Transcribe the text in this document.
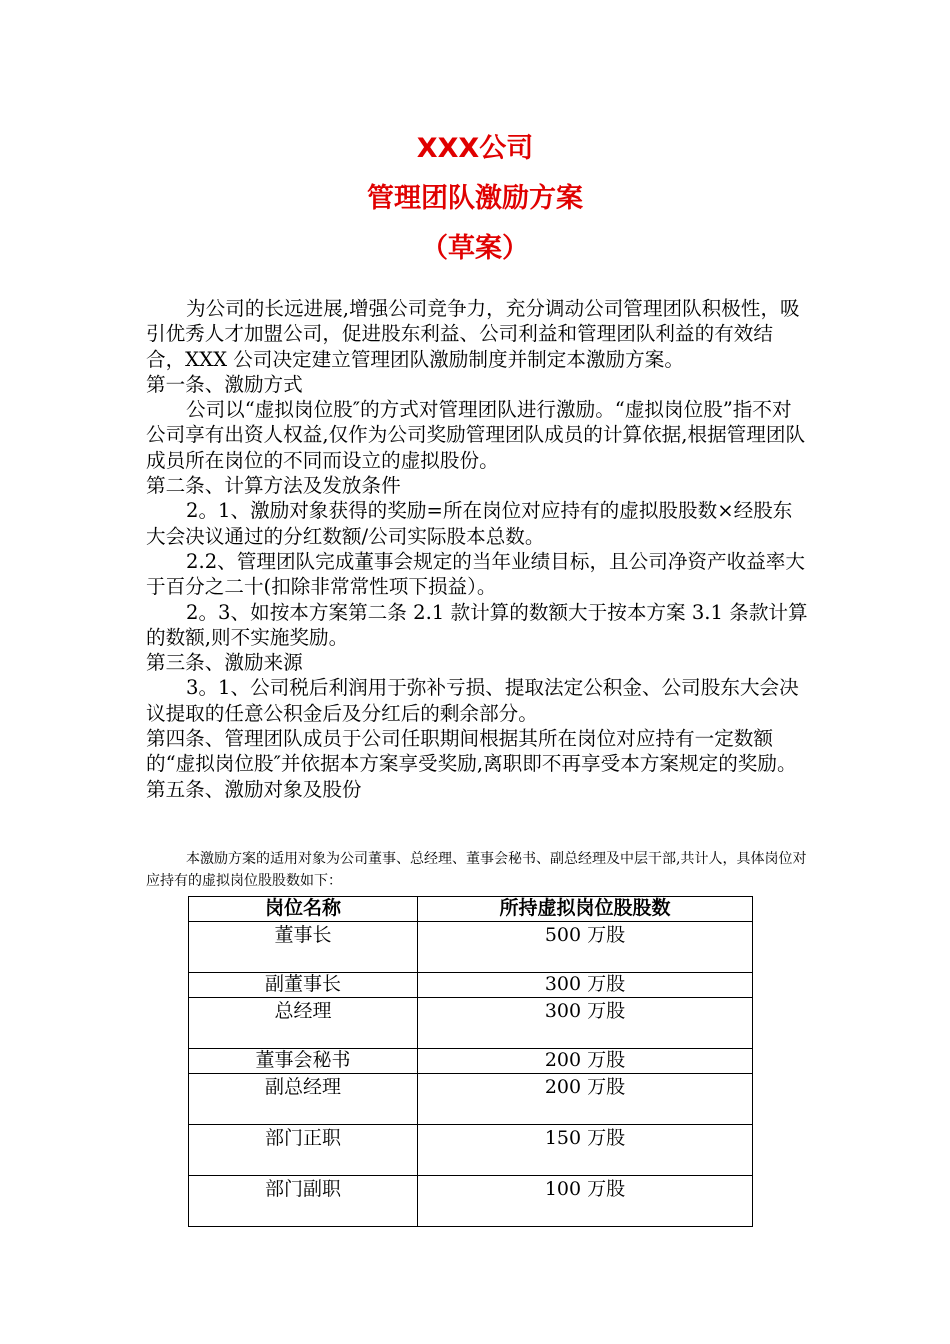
XXX公司
管理团队激励方案
（草案）

为公司的长远进展,增强公司竞争力，充分调动公司管理团队积极性，吸引优秀人才加盟公司，促进股东利益、公司利益和管理团队利益的有效结合，XXX 公司决定建立管理团队激励制度并制定本激励方案。

第一条、激励方式

公司以“虚拟岗位股″的方式对管理团队进行激励。“虚拟岗位股”指不对公司享有出资人权益,仅作为公司奖励管理团队成员的计算依据,根据管理团队成员所在岗位的不同而设立的虚拟股份。

第二条、计算方法及发放条件

2。1、激励对象获得的奖励=所在岗位对应持有的虚拟股股数×经股东大会决议通过的分红数额/公司实际股本总数。

2.2、管理团队完成董事会规定的当年业绩目标，且公司净资产收益率大于百分之二十(扣除非常常性项下损益）。

2。3、如按本方案第二条 2.1 款计算的数额大于按本方案 3.1 条款计算的数额,则不实施奖励。

第三条、激励来源

3。1、公司税后利润用于弥补亏损、提取法定公积金、公司股东大会决议提取的任意公积金后及分红后的剩余部分。

第四条、管理团队成员于公司任职期间根据其所在岗位对应持有一定数额的“虚拟岗位股″并依据本方案享受奖励,离职即不再享受本方案规定的奖励。

第五条、激励对象及股份

本激励方案的适用对象为公司董事、总经理、董事会秘书、副总经理及中层干部,共计人，具体岗位对应持有的虚拟岗位股股数如下：

岗位名称	所持虚拟岗位股股数
董事长	500 万股
副董事长	300 万股
总经理	300 万股
董事会秘书	200 万股
副总经理	200 万股
部门正职	150 万股
部门副职	100 万股
